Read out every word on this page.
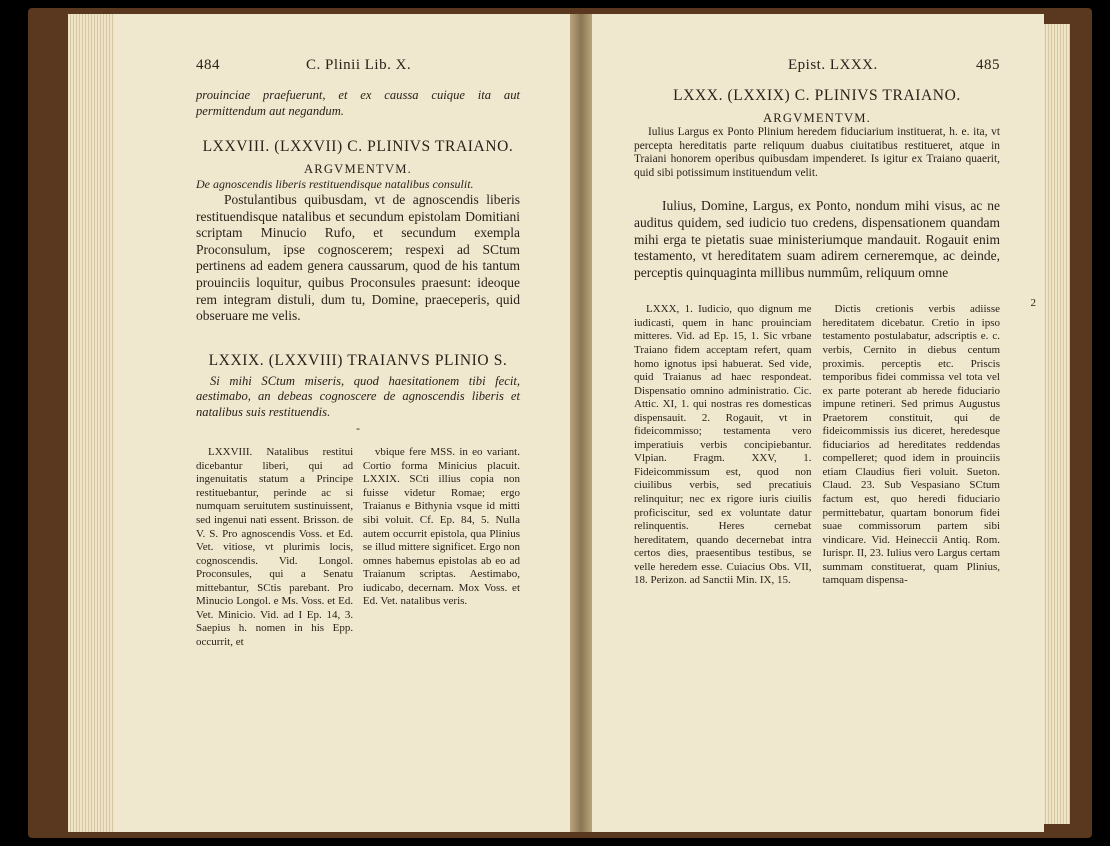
484	C. Plinii Lib. X.

prouinciae praefuerunt, et ex caussa cuique ita aut permittendum aut negandum.

LXXVIII. (LXXVII) C. PLINIVS TRAIANO.
ARGVMENTVM.

De agnoscendis liberis restituendisque natalibus consulit.

Postulantibus quibusdam, vt de agnoscendis liberis restituendisque natalibus et secundum epistolam Domitiani scriptam Minucio Rufo, et secundum exempla Proconsulum, ipse cognoscerem; respexi ad SCtum pertinens ad eadem genera caussarum, quod de his tantum prouinciis loquitur, quibus Proconsules praesunt: ideoque rem integram distuli, dum tu, Domine, praeceperis, quid obseruare me velis.

LXXIX. (LXXVIII) TRAIANVS PLINIO S.

Si mihi SCtum miseris, quod haesitationem tibi fecit, aestimabo, an debeas cognoscere de agnoscendis liberis et natalibus suis restituendis.

-

LXXVIII. Natalibus restitui dicebantur liberi, qui ad ingenuitatis statum a Principe restituebantur, perinde ac si numquam seruitutem sustinuissent, sed ingenui nati essent. Brisson. de V. S. Pro agnoscendis Voss. et Ed. Vet. vitiose, vt plurimis locis, cognoscendis. Vid. Longol. Proconsules, qui a Senatu mittebantur, SCtis parebant. Pro Minucio Longol. e Ms. Voss. et Ed. Vet. Minicio. Vid. ad I Ep. 14, 3. Saepius h. nomen in his Epp. occurrit, et

vbique fere MSS. in eo variant. Cortio forma Minicius placuit. LXXIX. SCti illius copia non fuisse videtur Romae; ergo Traianus e Bithynia vsque id mitti sibi voluit. Cf. Ep. 84, 5. Nulla autem occurrit epistola, qua Plinius se illud mittere significet. Ergo non omnes habemus epistolas ab eo ad Traianum scriptas. Aestimabo, iudicabo, decernam. Mox Voss. et Ed. Vet. natalibus veris.

Epist. LXXX.	485
LXXX. (LXXIX) C. PLINIVS TRAIANO.
ARGVMENTVM.

Iulius Largus ex Ponto Plinium heredem fiduciarium instituerat, h. e. ita, vt percepta hereditatis parte reliquum duabus ciuitatibus restitueret, atque in Traiani honorem operibus quibusdam impenderet. Is igitur ex Traiano quaerit, quid sibi potissimum instituendum velit.

Iulius, Domine, Largus, ex Ponto, nondum mihi visus, ac ne auditus quidem, sed iudicio tuo credens, dispensationem quandam mihi erga te pietatis suae ministeriumque mandauit. Rogauit enim testamento, vt hereditatem suam adirem cerneremque, ac deinde, perceptis quinquaginta millibus nummûm, reliquum omne

2

LXXX, 1. Iudicio, quo dignum me iudicasti, quem in hanc prouinciam mitteres. Vid. ad Ep. 15, 1. Sic vrbane Traiano fidem acceptam refert, quam homo ignotus ipsi habuerat. Sed vide, quid Traianus ad haec respondeat. Dispensatio omnino administratio. Cic. Attic. XI, 1. qui nostras res domesticas dispensauit. 2. Rogauit, vt in fideicommisso; testamenta vero imperatiuis verbis concipiebantur. Vlpian. Fragm. XXV, 1. Fideicommissum est, quod non ciuilibus verbis, sed precatiuis relinquitur; nec ex rigore iuris ciuilis proficiscitur, sed ex voluntate datur relinquentis. Heres cernebat hereditatem, quando decernebat intra certos dies, praesentibus testibus, se velle heredem esse. Cuiacius Obs. VII, 18. Perizon. ad Sanctii Min. IX, 15.

Dictis cretionis verbis adiisse hereditatem dicebatur. Cretio in ipso testamento postulabatur, adscriptis e. c. verbis, Cernito in diebus centum proximis. perceptis etc. Priscis temporibus fidei commissa vel tota vel ex parte poterant ab herede fiduciario impune retineri. Sed primus Augustus Praetorem constituit, qui de fideicommissis ius diceret, heredesque fiduciarios ad hereditates reddendas compelleret; quod idem in prouinciis etiam Claudius fieri voluit. Sueton. Claud. 23. Sub Vespasiano SCtum factum est, quo heredi fiduciario permittebatur, quartam bonorum fidei suae commissorum partem sibi vindicare. Vid. Heineccii Antiq. Rom. Iurispr. II, 23. Iulius vero Largus certam summam constituerat, quam Plinius, tamquam dispensa-
